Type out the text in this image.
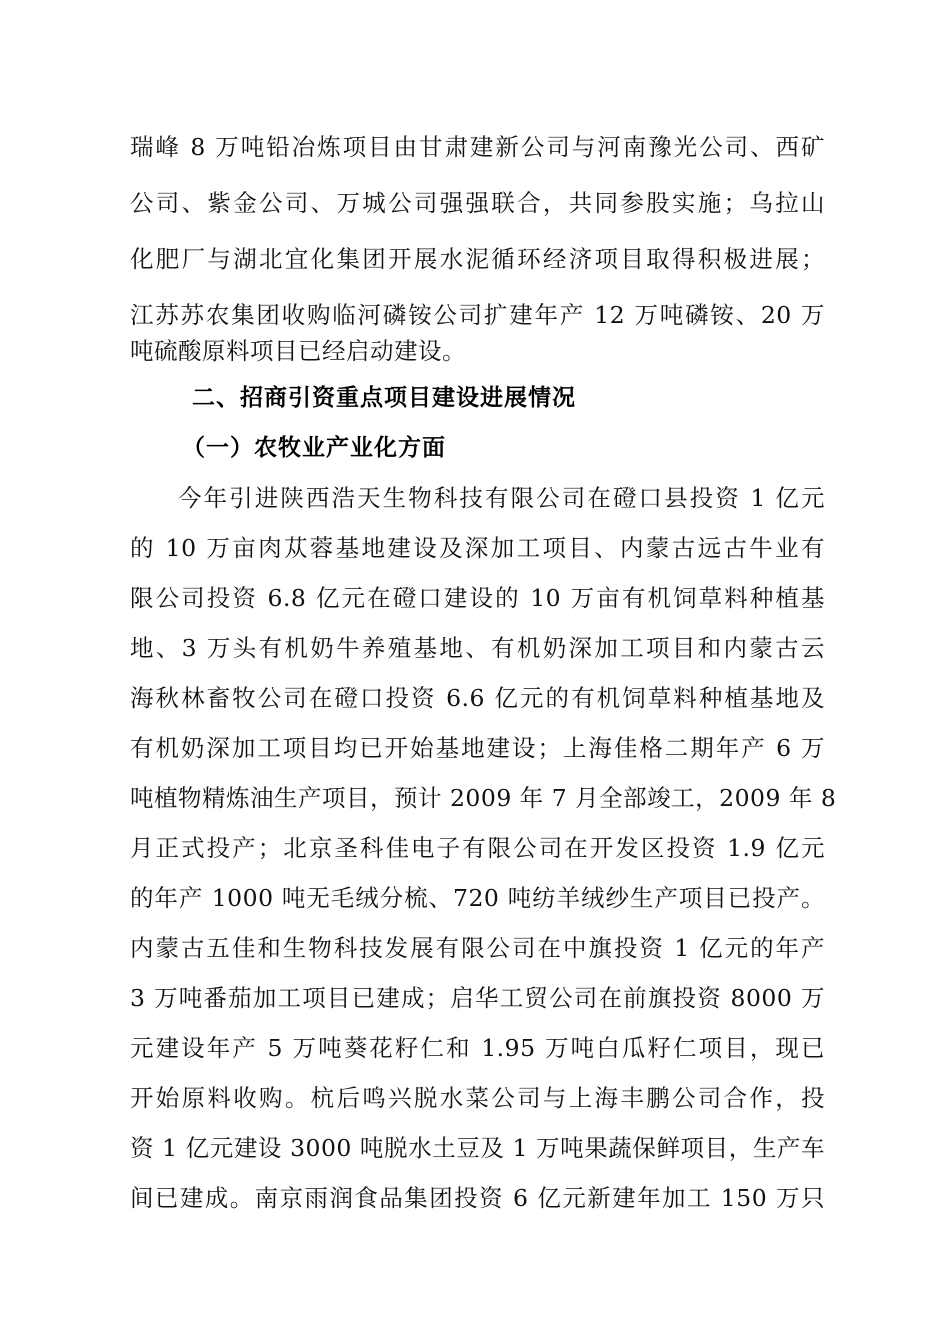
瑞峰 8 万吨铅冶炼项目由甘肃建新公司与河南豫光公司、西矿
公司、紫金公司、万城公司强强联合，共同参股实施；乌拉山
化肥厂与湖北宜化集团开展水泥循环经济项目取得积极进展；
江苏苏农集团收购临河磷铵公司扩建年产 12 万吨磷铵、20 万
吨硫酸原料项目已经启动建设。
二、招商引资重点项目建设进展情况
（一）农牧业产业化方面
今年引进陕西浩天生物科技有限公司在磴口县投资 1 亿元
的 10 万亩肉苁蓉基地建设及深加工项目、内蒙古远古牛业有
限公司投资 6.8 亿元在磴口建设的 10 万亩有机饲草料种植基
地、3 万头有机奶牛养殖基地、有机奶深加工项目和内蒙古云
海秋林畜牧公司在磴口投资 6.6 亿元的有机饲草料种植基地及
有机奶深加工项目均已开始基地建设；上海佳格二期年产 6 万
吨植物精炼油生产项目，预计 2009 年 7 月全部竣工，2009 年 8
月正式投产；北京圣科佳电子有限公司在开发区投资 1.9 亿元
的年产 1000 吨无毛绒分梳、720 吨纺羊绒纱生产项目已投产。
内蒙古五佳和生物科技发展有限公司在中旗投资 1 亿元的年产
3 万吨番茄加工项目已建成；启华工贸公司在前旗投资 8000 万
元建设年产 5 万吨葵花籽仁和 1.95 万吨白瓜籽仁项目，现已
开始原料收购。杭后鸣兴脱水菜公司与上海丰鹏公司合作，投
资 1 亿元建设 3000 吨脱水土豆及 1 万吨果蔬保鲜项目，生产车
间已建成。南京雨润食品集团投资 6 亿元新建年加工 150 万只
